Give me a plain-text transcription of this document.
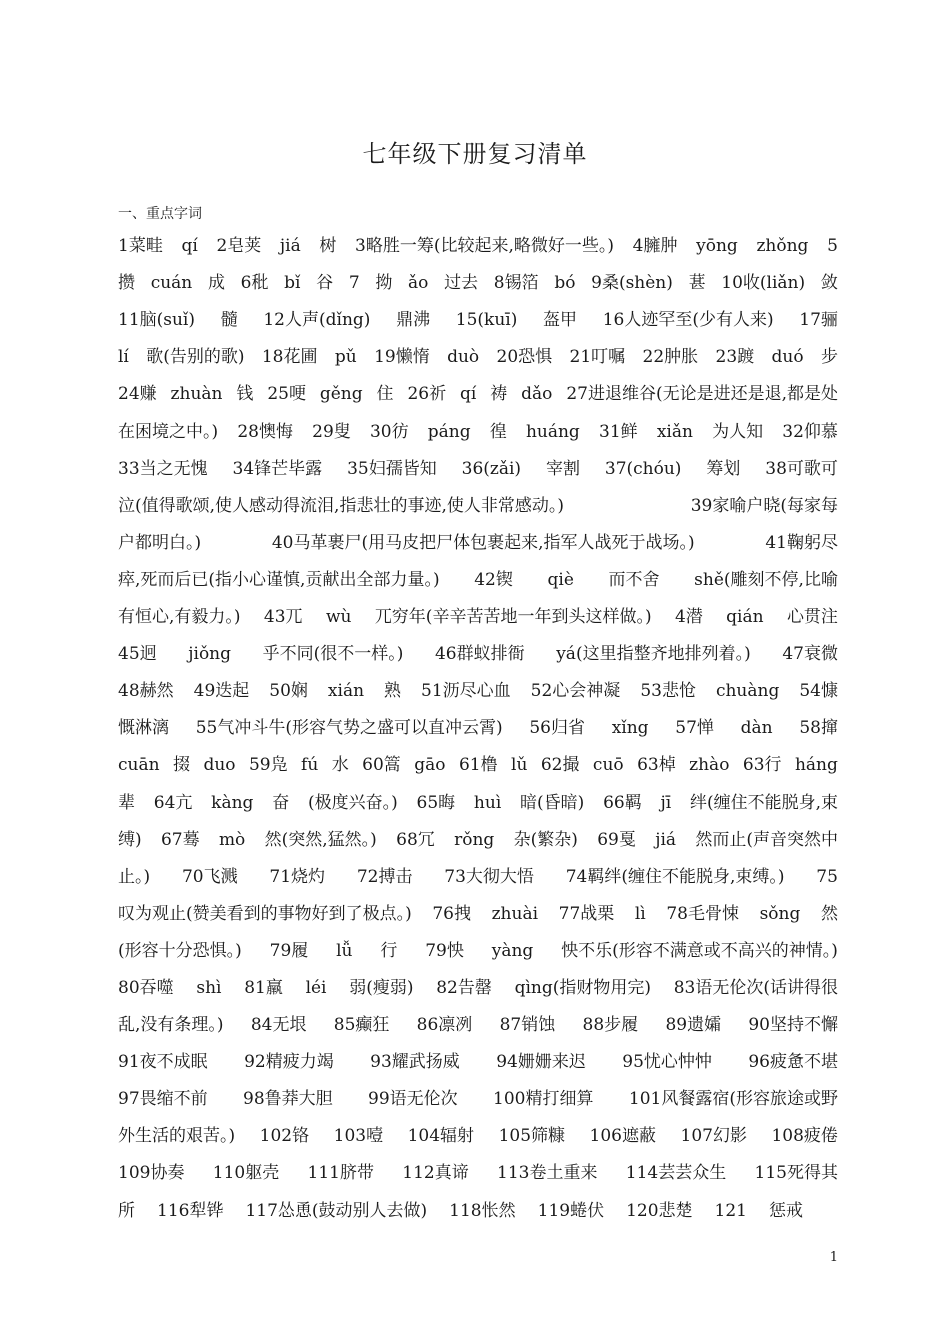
七年级下册复习清单
一、重点字词
1菜畦 qí 2皂荚 jiá 树 3略胜一筹(比较起来,略微好一些。) 4臃肿 yōng zhǒng 5
攒 cuán 成 6秕 bǐ 谷 7 拗 ǎo 过去 8锡箔 bó 9桑(shèn) 葚 10收(liǎn) 敛
11脑(suǐ) 髓 12人声(dǐng) 鼎沸 15(kuī) 盔甲 16人迹罕至(少有人来) 17骊
lí 歌(告别的歌) 18花圃 pǔ 19懒惰 duò 20恐惧 21叮嘱 22肿胀 23踱 duó 步
24赚 zhuàn 钱 25哽 gěng 住 26祈 qí 祷 dǎo 27进退维谷(无论是进还是退,都是处
在困境之中。) 28懊悔 29叟 30彷 páng 徨 huáng 31鲜 xiǎn 为人知 32仰慕
33当之无愧 34锋芒毕露 35妇孺皆知 36(zǎi) 宰割 37(chóu) 筹划 38可歌可
泣(值得歌颂,使人感动得流泪,指悲壮的事迹,使人非常感动。)	39家喻户晓(每家每
户都明白。)	40马革裹尸(用马皮把尸体包裹起来,指军人战死于战场。)	41鞠躬尽
瘁,死而后已(指小心谨慎,贡献出全部力量。) 42锲 qiè 而不舍 shě(雕刻不停,比喻
有恒心,有毅力。) 43兀 wù 兀穷年(辛辛苦苦地一年到头这样做。) 4潜 qián 心贯注
45迥 jiǒng 乎不同(很不一样。) 46群蚁排衙 yá(这里指整齐地排列着。) 47衰微
48赫然 49迭起 50娴 xián 熟 51沥尽心血 52心会神凝 53悲怆 chuàng 54慷
慨淋漓 55气冲斗牛(形容气势之盛可以直冲云霄) 56归省 xǐng 57惮 dàn 58撺
cuān 掇 duo 59凫 fú 水 60篙 gāo 61橹 lǔ 62撮 cuō 63棹 zhào 63行 háng
辈 64亢 kàng 奋 (极度兴奋。) 65晦 huì 暗(昏暗) 66羁 jī 绊(缠住不能脱身,束
缚) 67蓦 mò 然(突然,猛然。) 68冗 rǒng 杂(繁杂) 69戛 jiá 然而止(声音突然中
止。) 70飞溅 71烧灼 72搏击 73大彻大悟 74羁绊(缠住不能脱身,束缚。) 75
叹为观止(赞美看到的事物好到了极点。) 76拽 zhuài 77战栗 lì 78毛骨悚 sǒng 然
(形容十分恐惧。) 79履 lǚ 行 79怏 yàng 怏不乐(形容不满意或不高兴的神情。)
80吞噬 shì 81羸 léi 弱(瘦弱) 82告罄 qìng(指财物用完) 83语无伦次(话讲得很
乱,没有条理。) 84无垠 85癫狂 86凛冽 87销蚀 88步履 89遗孀 90坚持不懈
91夜不成眠 92精疲力竭 93耀武扬威 94姗姗来迟 95忧心忡忡 96疲惫不堪
97畏缩不前 98鲁莽大胆 99语无伦次 100精打细算 101风餐露宿(形容旅途或野
外生活的艰苦。) 102铬 103噎 104辐射 105筛糠 106遮蔽 107幻影 108疲倦
109协奏 110躯壳 111脐带 112真谛 113卷土重来 114芸芸众生 115死得其
所 116犁铧 117怂恿(鼓动别人去做) 118怅然 119蜷伏 120悲楚 121 惩戒
1
